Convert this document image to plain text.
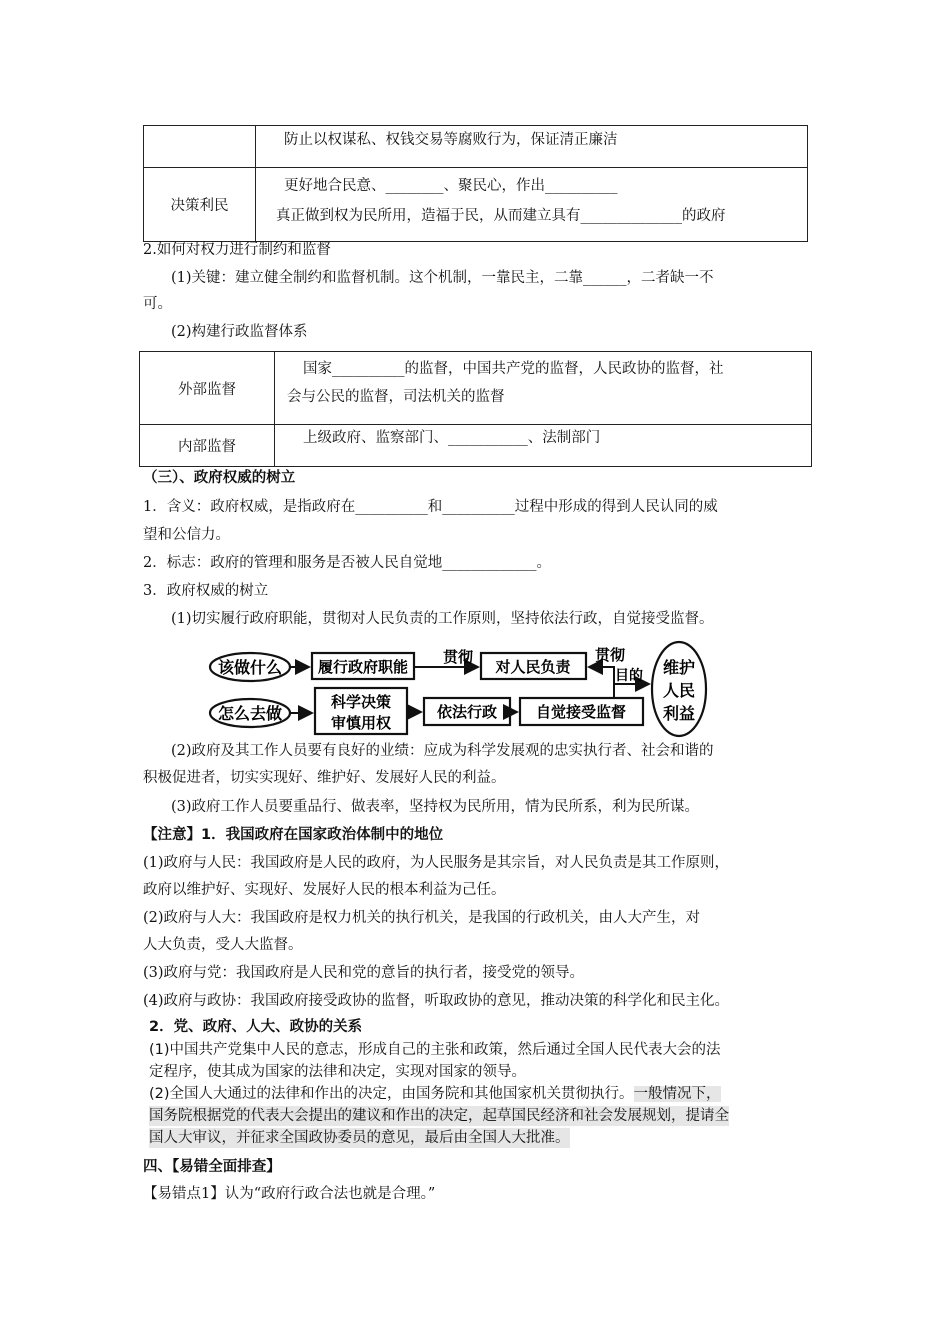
	防止以权谋私、权钱交易等腐败行为，保证清正廉洁

决策利民	更好地合民意、________、聚民心，作出__________
真正做到权为民所用，造福于民，从而建立具有______________的政府
2.如何对权力进行制约和监督
(1)关键：建立健全制约和监督机制。这个机制，一靠民主，二靠______，二者缺一不
可。
(2)构建行政监督体系
外部监督	国家__________的监督，中国共产党的监督，人民政协的监督，社
会与公民的监督，司法机关的监督

内部监督	上级政府、监察部门、___________、法制部门
（三）、政府权威的树立
1．含义：政府权威，是指政府在__________和__________过程中形成的得到人民认同的威
望和公信力。
2．标志：政府的管理和服务是否被人民自觉地_____________。
3．政府权威的树立
(1)切实履行政府职能，贯彻对人民负责的工作原则，坚持依法行政，自觉接受监督。
该做什么
怎么去做
履行政府职能	对人民负责
科学决策
审慎用权
依法行政	自觉接受监督
维护
人民
利益
贯彻	贯彻
目的
(2)政府及其工作人员要有良好的业绩：应成为科学发展观的忠实执行者、社会和谐的
积极促进者，切实实现好、维护好、发展好人民的利益。
(3)政府工作人员要重品行、做表率，坚持权为民所用，情为民所系，利为民所谋。
【注意】1．我国政府在国家政治体制中的地位
(1)政府与人民：我国政府是人民的政府，为人民服务是其宗旨，对人民负责是其工作原则，
政府以维护好、实现好、发展好人民的根本利益为己任。
(2)政府与人大：我国政府是权力机关的执行机关，是我国的行政机关，由人大产生，对
人大负责，受人大监督。
(3)政府与党：我国政府是人民和党的意旨的执行者，接受党的领导。
(4)政府与政协：我国政府接受政协的监督，听取政协的意见，推动决策的科学化和民主化。
2．党、政府、人大、政协的关系
(1)中国共产党集中人民的意志，形成自己的主张和政策，然后通过全国人民代表大会的法
定程序，使其成为国家的法律和决定，实现对国家的领导。
(2)全国人大通过的法律和作出的决定，由国务院和其他国家机关贯彻执行。一般情况下，
国务院根据党的代表大会提出的建议和作出的决定，起草国民经济和社会发展规划，提请全
国人大审议，并征求全国政协委员的意见，最后由全国人大批准。
四、【易错全面排查】
【易错点1】认为“政府行政合法也就是合理。”
